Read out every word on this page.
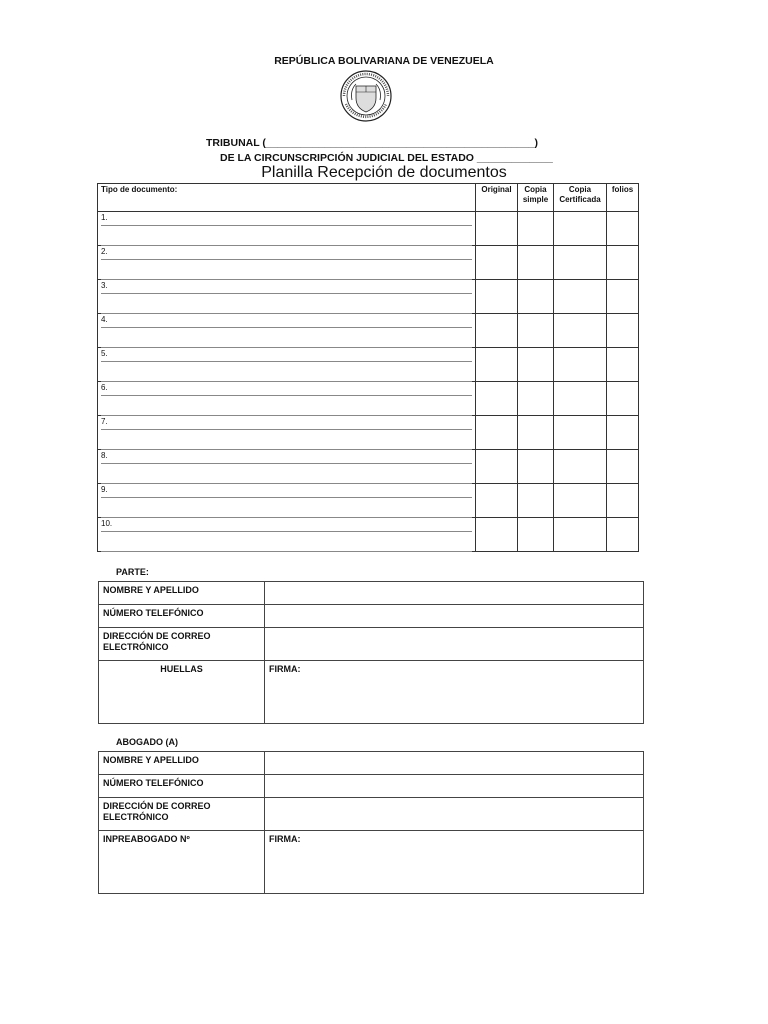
REPÚBLICA BOLIVARIANA DE VENEZUELA
TRIBUNAL (______________________________________________)
DE LA CIRCUNSCRIPCIÓN JUDICIAL DEL ESTADO _____________
Planilla Recepción de documentos
Tipo de documento:	Original	Copia simple	Copia Certificada	folios

1.				

2.				

3.				

4.				

5.				

6.				

7.				

8.				

9.				

10.				

PARTE:
NOMBRE Y APELLIDO	
NÚMERO TELEFÓNICO	
DIRECCIÓN DE CORREO ELECTRÓNICO	
HUELLAS	FIRMA:
ABOGADO (A)
NOMBRE Y APELLIDO	
NÚMERO TELEFÓNICO	
DIRECCIÓN DE CORREO ELECTRÓNICO	
INPREABOGADO Nº	FIRMA:
